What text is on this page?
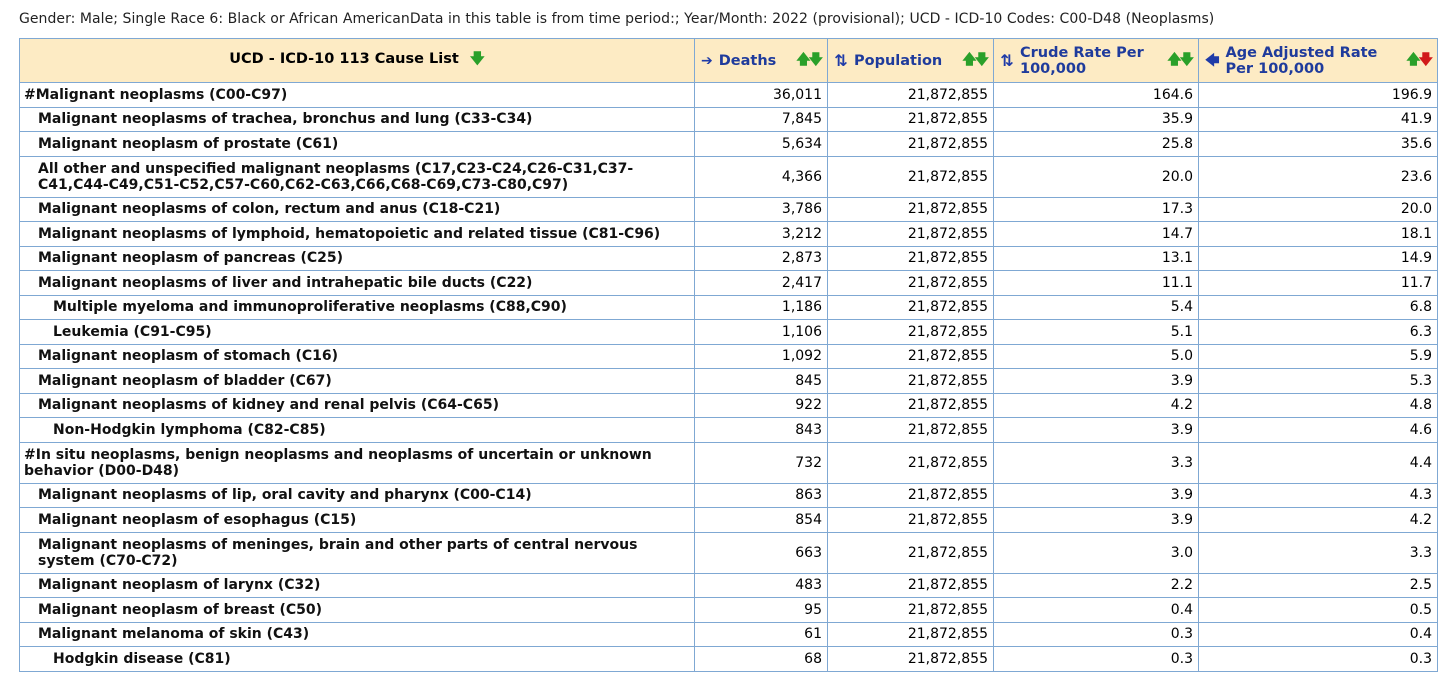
Gender: Male; Single Race 6: Black or African AmericanData in this table is from time period:; Year/Month: 2022 (provisional); UCD - ICD-10 Codes: C00-D48 (Neoplasms)
UCD - ICD-10 113 Cause List 🡇	➔ Deaths 🡅 🡇	⇅ Population 🡅 🡇	⇅ Crude Rate Per
100,000
🡅 🡇	🡄 Age Adjusted Rate
Per 100,000
🡅 🡇

#Malignant neoplasms (C00-C97)	36,011	21,872,855	164.6	196.9
Malignant neoplasms of trachea, bronchus and lung (C33-C34)	7,845	21,872,855	35.9	41.9
Malignant neoplasm of prostate (C61)	5,634	21,872,855	25.8	35.6
All other and unspecified malignant neoplasms (C17,C23-C24,C26-C31,C37-C41,C44-C49,C51-C52,C57-C60,C62-C63,C66,C68-C69,C73-C80,C97)	4,366	21,872,855	20.0	23.6
Malignant neoplasms of colon, rectum and anus (C18-C21)	3,786	21,872,855	17.3	20.0
Malignant neoplasms of lymphoid, hematopoietic and related tissue (C81-C96)	3,212	21,872,855	14.7	18.1
Malignant neoplasm of pancreas (C25)	2,873	21,872,855	13.1	14.9
Malignant neoplasms of liver and intrahepatic bile ducts (C22)	2,417	21,872,855	11.1	11.7
Multiple myeloma and immunoproliferative neoplasms (C88,C90)	1,186	21,872,855	5.4	6.8
Leukemia (C91-C95)	1,106	21,872,855	5.1	6.3
Malignant neoplasm of stomach (C16)	1,092	21,872,855	5.0	5.9
Malignant neoplasm of bladder (C67)	845	21,872,855	3.9	5.3
Malignant neoplasms of kidney and renal pelvis (C64-C65)	922	21,872,855	4.2	4.8
Non-Hodgkin lymphoma (C82-C85)	843	21,872,855	3.9	4.6
#In situ neoplasms, benign neoplasms and neoplasms of uncertain or unknown behavior (D00-D48)	732	21,872,855	3.3	4.4
Malignant neoplasms of lip, oral cavity and pharynx (C00-C14)	863	21,872,855	3.9	4.3
Malignant neoplasm of esophagus (C15)	854	21,872,855	3.9	4.2
Malignant neoplasms of meninges, brain and other parts of central nervous system (C70-C72)	663	21,872,855	3.0	3.3
Malignant neoplasm of larynx (C32)	483	21,872,855	2.2	2.5
Malignant neoplasm of breast (C50)	95	21,872,855	0.4	0.5
Malignant melanoma of skin (C43)	61	21,872,855	0.3	0.4
Hodgkin disease (C81)	68	21,872,855	0.3	0.3
